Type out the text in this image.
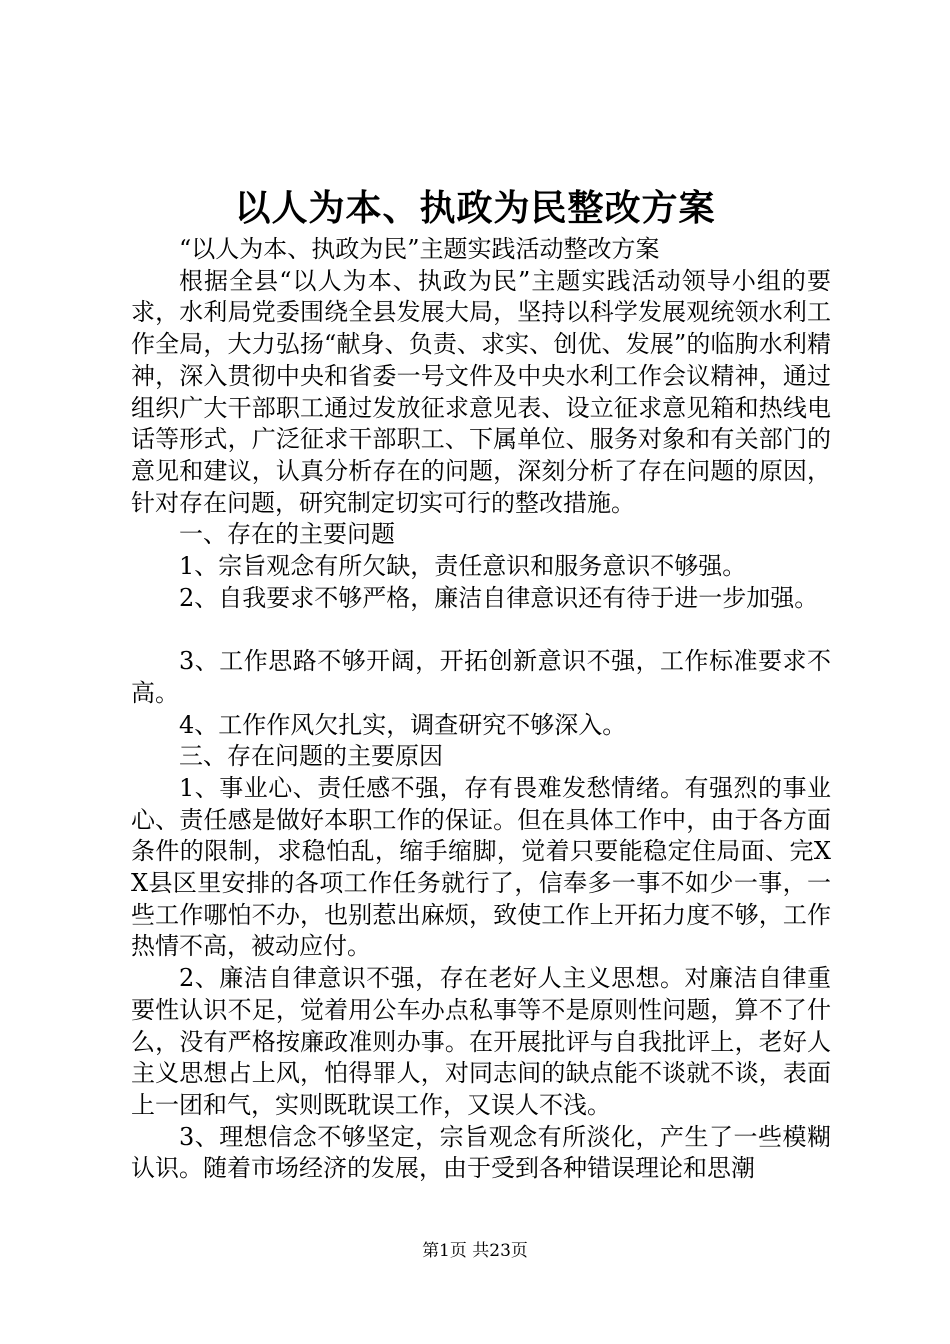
以人为本、执政为民整改方案

“以人为本、执政为民”主题实践活动整改方案

根据全县“以人为本、执政为民”主题实践活动领导小组的要求，水利局党委围绕全县发展大局，坚持以科学发展观统领水利工作全局，大力弘扬“献身、负责、求实、创优、发展”的临朐水利精神，深入贯彻中央和省委一号文件及中央水利工作会议精神，通过组织广大干部职工通过发放征求意见表、设立征求意见箱和热线电话等形式，广泛征求干部职工、下属单位、服务对象和有关部门的意见和建议，认真分析存在的问题，深刻分析了存在问题的原因，针对存在问题，研究制定切实可行的整改措施。

一、存在的主要问题

1、宗旨观念有所欠缺，责任意识和服务意识不够强。

2、自我要求不够严格，廉洁自律意识还有待于进一步加强。

3、工作思路不够开阔，开拓创新意识不强，工作标准要求不高。

4、工作作风欠扎实，调查研究不够深入。

三、存在问题的主要原因

1、事业心、责任感不强，存有畏难发愁情绪。有强烈的事业心、责任感是做好本职工作的保证。但在具体工作中，由于各方面条件的限制，求稳怕乱，缩手缩脚，觉着只要能稳定住局面、完XX县区里安排的各项工作任务就行了，信奉多一事不如少一事，一些工作哪怕不办，也别惹出麻烦，致使工作上开拓力度不够，工作热情不高，被动应付。

2、廉洁自律意识不强，存在老好人主义思想。对廉洁自律重要性认识不足，觉着用公车办点私事等不是原则性问题，算不了什么，没有严格按廉政准则办事。在开展批评与自我批评上，老好人主义思想占上风，怕得罪人，对同志间的缺点能不谈就不谈，表面上一团和气，实则既耽误工作，又误人不浅。

3、理想信念不够坚定，宗旨观念有所淡化，产生了一些模糊认识。随着市场经济的发展，由于受到各种错误理论和思潮

第1页 共23页
